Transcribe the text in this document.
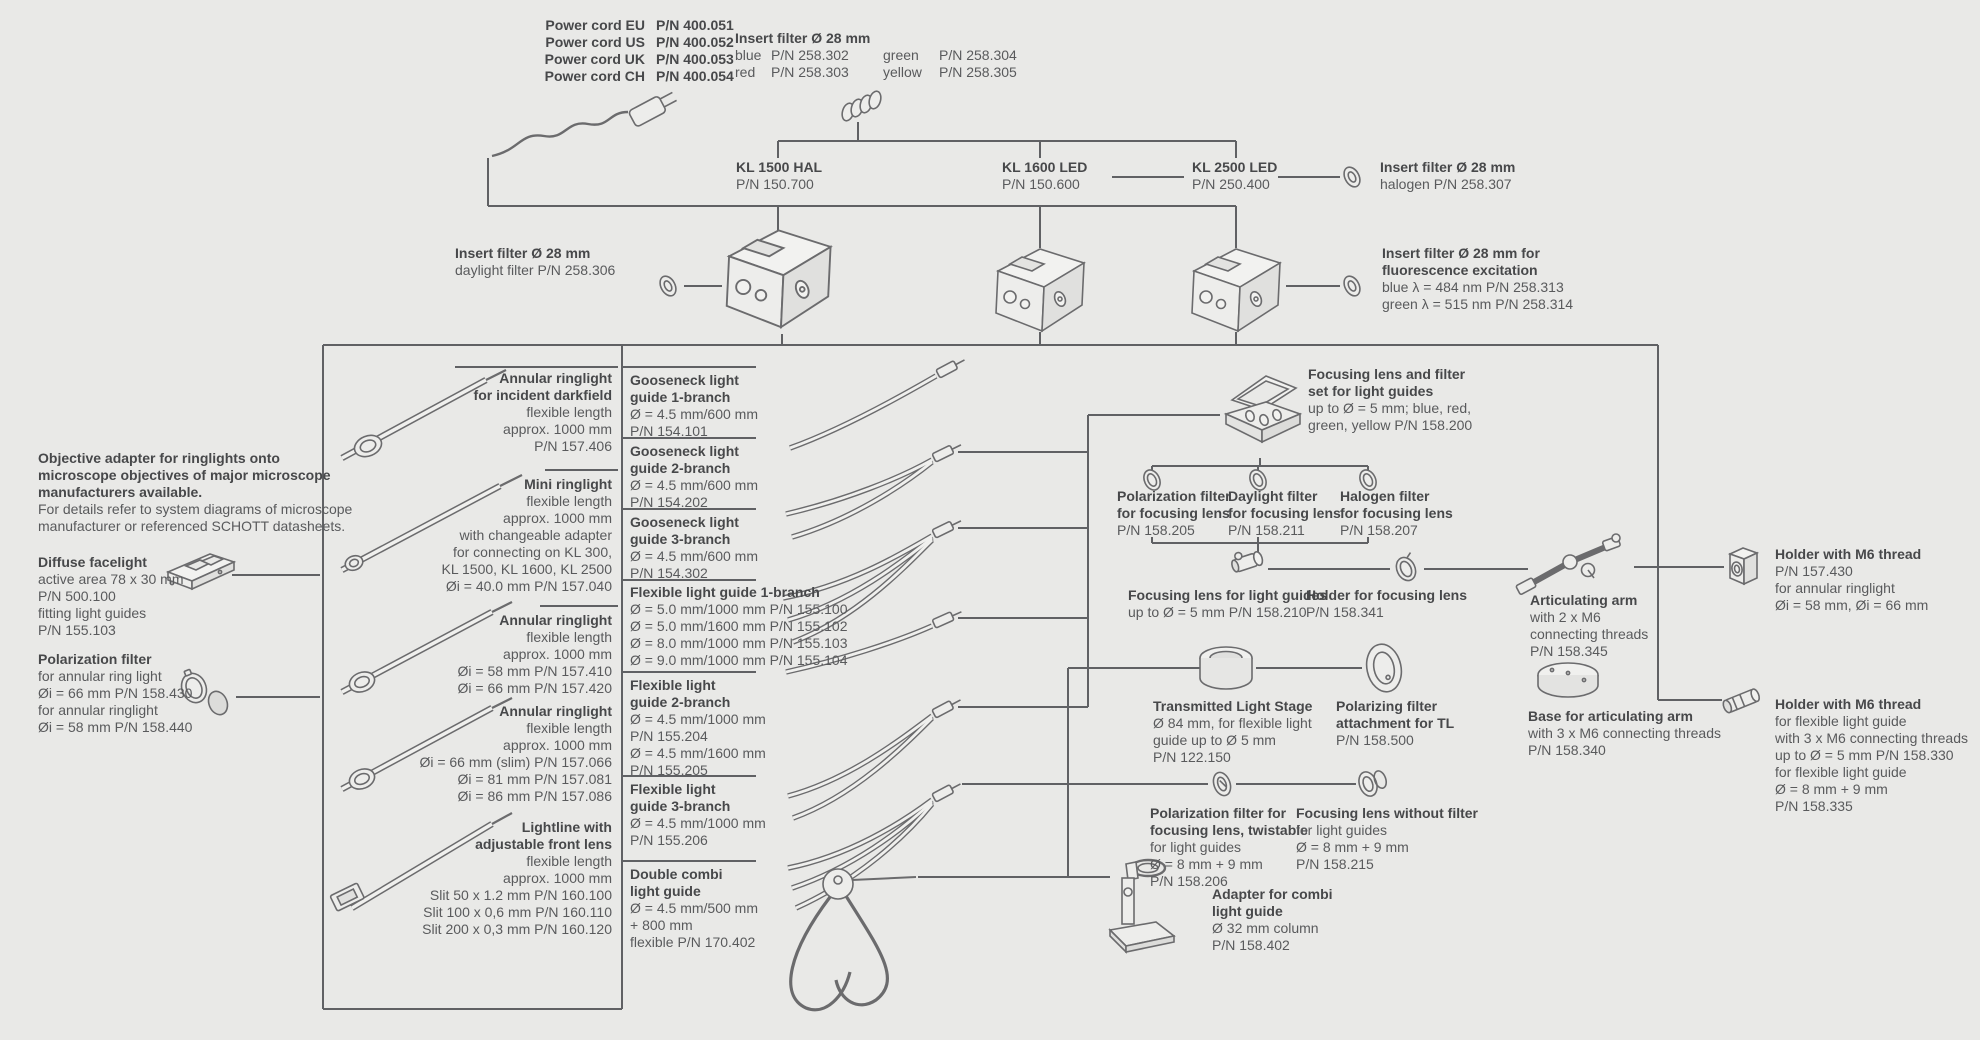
Power cord EU P/N 400.051
Power cord US P/N 400.052
Power cord UK P/N 400.053
Power cord CH P/N 400.054
Insert filter Ø 28 mm
blue P/N 258.302 green P/N 258.304
red P/N 258.303 yellow P/N 258.305
KL 1500 HAL
P/N 150.700
KL 1600 LED
P/N 150.600
KL 2500 LED
P/N 250.400
Insert filter Ø 28 mm
halogen P/N 258.307
Insert filter Ø 28 mm
daylight filter P/N 258.306
Insert filter Ø 28 mm for
fluorescence excitation
blue λ = 484 nm P/N 258.313
green λ = 515 nm P/N 258.314
Objective adapter for ringlights onto
microscope objectives of major microscope
manufacturers available.
For details refer to system diagrams of microscope
manufacturer or referenced SCHOTT datasheets.
Diffuse facelight
active area 78 x 30 mm
P/N 500.100
fitting light guides
P/N 155.103
Polarization filter
for annular ring light
Øi = 66 mm P/N 158.430
for annular ringlight
Øi = 58 mm P/N 158.440
Annular ringlight
for incident darkfield
flexible length
approx. 1000 mm
P/N 157.406
Mini ringlight
flexible length
approx. 1000 mm
with changeable adapter
for connecting on KL 300,
KL 1500, KL 1600, KL 2500
Øi = 40.0 mm P/N 157.040
Annular ringlight
flexible length
approx. 1000 mm
Øi = 58 mm P/N 157.410
Øi = 66 mm P/N 157.420
Annular ringlight
flexible length
approx. 1000 mm
Øi = 66 mm (slim) P/N 157.066
Øi = 81 mm P/N 157.081
Øi = 86 mm P/N 157.086
Lightline with
adjustable front lens
flexible length
approx. 1000 mm
Slit 50 x 1.2 mm P/N 160.100
Slit 100 x 0,6 mm P/N 160.110
Slit 200 x 0,3 mm P/N 160.120
Gooseneck light
guide 1-branch
Ø = 4.5 mm/600 mm
P/N 154.101
Gooseneck light
guide 2-branch
Ø = 4.5 mm/600 mm
P/N 154.202
Gooseneck light
guide 3-branch
Ø = 4.5 mm/600 mm
P/N 154.302
Flexible light guide 1-branch
Ø = 5.0 mm/1000 mm P/N 155.100
Ø = 5.0 mm/1600 mm P/N 155.102
Ø = 8.0 mm/1000 mm P/N 155.103
Ø = 9.0 mm/1000 mm P/N 155.104
Flexible light
guide 2-branch
Ø = 4.5 mm/1000 mm
P/N 155.204
Ø = 4.5 mm/1600 mm
P/N 155.205
Flexible light
guide 3-branch
Ø = 4.5 mm/1000 mm
P/N 155.206
Double combi
light guide
Ø = 4.5 mm/500 mm
+ 800 mm
flexible P/N 170.402
Focusing lens and filter
set for light guides
up to Ø = 5 mm; blue, red,
green, yellow P/N 158.200
Polarization filter
for focusing lens
P/N 158.205
Daylight filter
for focusing lens
P/N 158.211
Halogen filter
for focusing lens
P/N 158.207
Focusing lens for light guides
up to Ø = 5 mm P/N 158.210
Holder for focusing lens
P/N 158.341
Transmitted Light Stage
Ø 84 mm, for flexible light
guide up to Ø 5 mm
P/N 122.150
Polarizing filter
attachment for TL
P/N 158.500
Polarization filter for
focusing lens, twistable
for light guides
Ø = 8 mm + 9 mm
P/N 158.206
Focusing lens without filter
for light guides
Ø = 8 mm + 9 mm
P/N 158.215
Adapter for combi
light guide
Ø 32 mm column
P/N 158.402
Articulating arm
with 2 x M6
connecting threads
P/N 158.345
Base for articulating arm
with 3 x M6 connecting threads
P/N 158.340
Holder with M6 thread
P/N 157.430
for annular ringlight
Øi = 58 mm, Øi = 66 mm
Holder with M6 thread
for flexible light guide
with 3 x M6 connecting threads
up to Ø = 5 mm P/N 158.330
for flexible light guide
Ø = 8 mm + 9 mm
P/N 158.335
